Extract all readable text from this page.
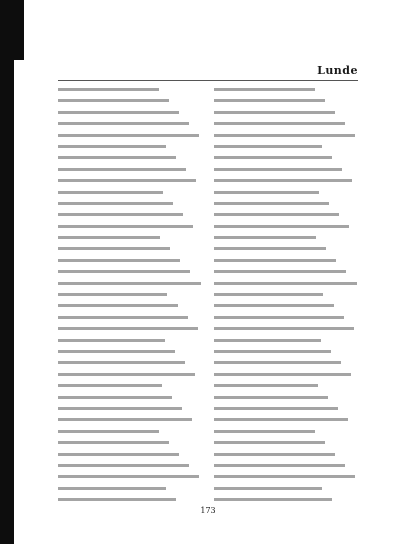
Lunde
173
